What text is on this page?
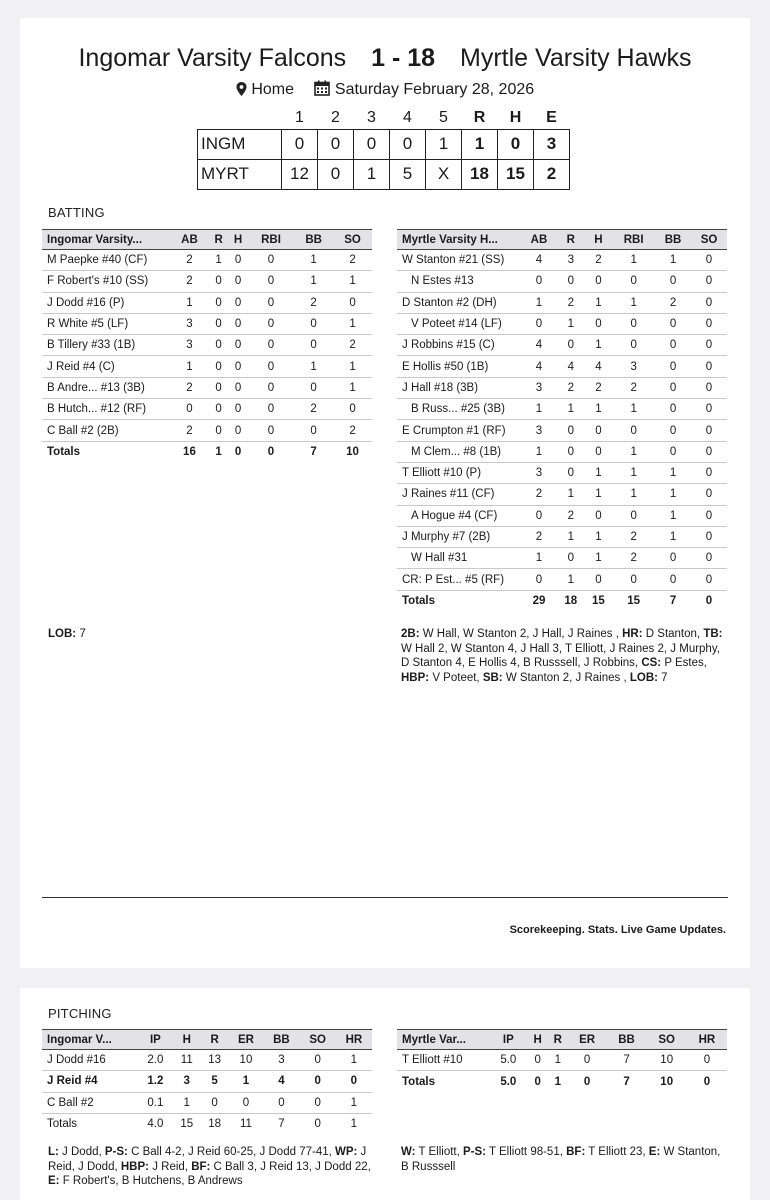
Ingomar Varsity Falcons 1 - 18 Myrtle Varsity Hawks
Home	Saturday February 28, 2026
	1	2	3	4	5	R	H	E
INGM	0	0	0	0	1	1	0	3
MYRT	12	0	1	5	X	18	15	2
BATTING
Ingomar Varsity...	AB	R	H	RBI	BB	SO
M Paepke #40 (CF)	2	1	0	0	1	2
F Robert's #10 (SS)	2	0	0	0	1	1
J Dodd #16 (P)	1	0	0	0	2	0
R White #5 (LF)	3	0	0	0	0	1
B Tillery #33 (1B)	3	0	0	0	0	2
J Reid #4 (C)	1	0	0	0	1	1
B Andre... #13 (3B)	2	0	0	0	0	1
B Hutch... #12 (RF)	0	0	0	0	2	0
C Ball #2 (2B)	2	0	0	0	0	2
Totals	16	1	0	0	7	10
Myrtle Varsity H...	AB	R	H	RBI	BB	SO
W Stanton #21 (SS)	4	3	2	1	1	0
N Estes #13	0	0	0	0	0	0
D Stanton #2 (DH)	1	2	1	1	2	0
V Poteet #14 (LF)	0	1	0	0	0	0
J Robbins #15 (C)	4	0	1	0	0	0
E Hollis #50 (1B)	4	4	4	3	0	0
J Hall #18 (3B)	3	2	2	2	0	0
B Russ... #25 (3B)	1	1	1	1	0	0
E Crumpton #1 (RF)	3	0	0	0	0	0
M Clem... #8 (1B)	1	0	0	1	0	0
T Elliott #10 (P)	3	0	1	1	1	0
J Raines #11 (CF)	2	1	1	1	1	0
A Hogue #4 (CF)	0	2	0	0	1	0
J Murphy #7 (2B)	2	1	1	2	1	0
W Hall #31	1	0	1	2	0	0
CR: P Est... #5 (RF)	0	1	0	0	0	0
Totals	29	18	15	15	7	0
LOB: 7	2B: W Hall, W Stanton 2, J Hall, J Raines , HR: D Stanton, TB: W Hall 2, W Stanton 4, J Hall 3, T Elliott, J Raines 2, J Murphy, D Stanton 4, E Hollis 4, B Russsell, J Robbins, CS: P Estes, HBP: V Poteet, SB: W Stanton 2, J Raines , LOB: 7
Scorekeeping. Stats. Live Game Updates.
PITCHING
Ingomar V...	IP	H	R	ER	BB	SO	HR
J Dodd #16	2.0	11	13	10	3	0	1
J Reid #4	1.2	3	5	1	4	0	0
C Ball #2	0.1	1	0	0	0	0	1
Totals	4.0	15	18	11	7	0	1
Myrtle Var...	IP	H	R	ER	BB	SO	HR
T Elliott #10	5.0	0	1	0	7	10	0
Totals	5.0	0	1	0	7	10	0
L: J Dodd, P-S: C Ball 4-2, J Reid 60-25, J Dodd 77-41, WP: J Reid, J Dodd, HBP: J Reid, BF: C Ball 3, J Reid 13, J Dodd 22, E: F Robert's, B Hutchens, B Andrews
W: T Elliott, P-S: T Elliott 98-51, BF: T Elliott 23, E: W Stanton, B Russsell
